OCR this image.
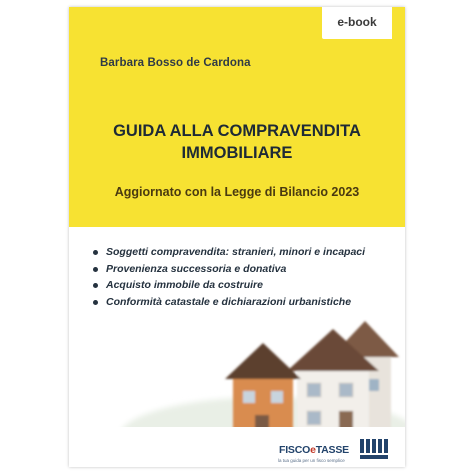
e-book
Barbara Bosso de Cardona
GUIDA ALLA COMPRAVENDITA
IMMOBILIARE
Aggiornato con la Legge di Bilancio 2023
Soggetti compravendita: stranieri, minori e incapaci
Provenienza successoria e donativa
Acquisto immobile da costruire
Conformità catastale e dichiarazioni urbanistiche
FISCOeTASSE
la tua guida per un fisco semplice
